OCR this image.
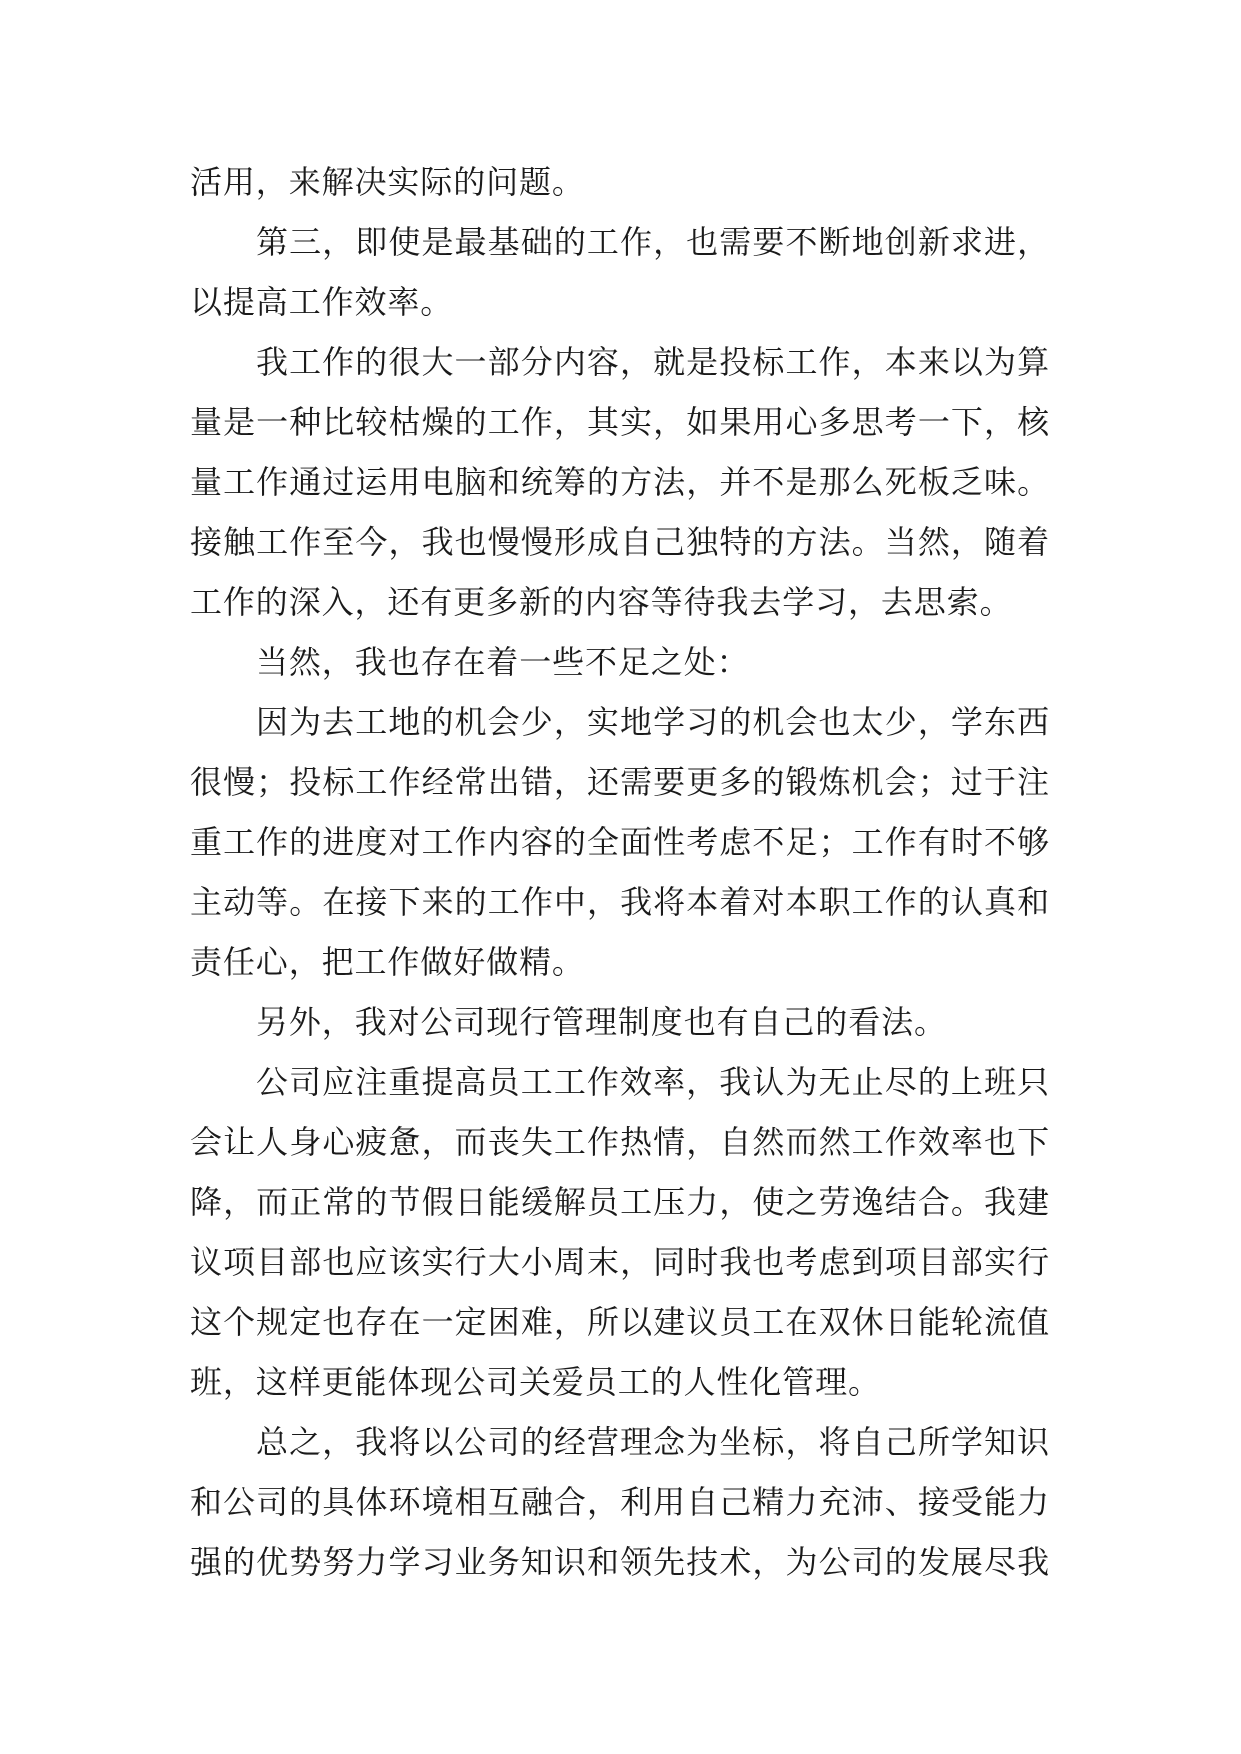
活用，来解决实际的问题。
第三，即使是最基础的工作，也需要不断地创新求进，
以提高工作效率。
我工作的很大一部分内容，就是投标工作，本来以为算
量是一种比较枯燥的工作，其实，如果用心多思考一下，核
量工作通过运用电脑和统筹的方法，并不是那么死板乏味。
接触工作至今，我也慢慢形成自己独特的方法。当然，随着
工作的深入，还有更多新的内容等待我去学习，去思索。
当然，我也存在着一些不足之处：
因为去工地的机会少，实地学习的机会也太少，学东西
很慢；投标工作经常出错，还需要更多的锻炼机会；过于注
重工作的进度对工作内容的全面性考虑不足；工作有时不够
主动等。在接下来的工作中，我将本着对本职工作的认真和
责任心，把工作做好做精。
另外，我对公司现行管理制度也有自己的看法。
公司应注重提高员工工作效率，我认为无止尽的上班只
会让人身心疲惫，而丧失工作热情，自然而然工作效率也下
降，而正常的节假日能缓解员工压力，使之劳逸结合。我建
议项目部也应该实行大小周末，同时我也考虑到项目部实行
这个规定也存在一定困难，所以建议员工在双休日能轮流值
班，这样更能体现公司关爱员工的人性化管理。
总之，我将以公司的经营理念为坐标，将自己所学知识
和公司的具体环境相互融合，利用自己精力充沛、接受能力
强的优势努力学习业务知识和领先技术，为公司的发展尽我
